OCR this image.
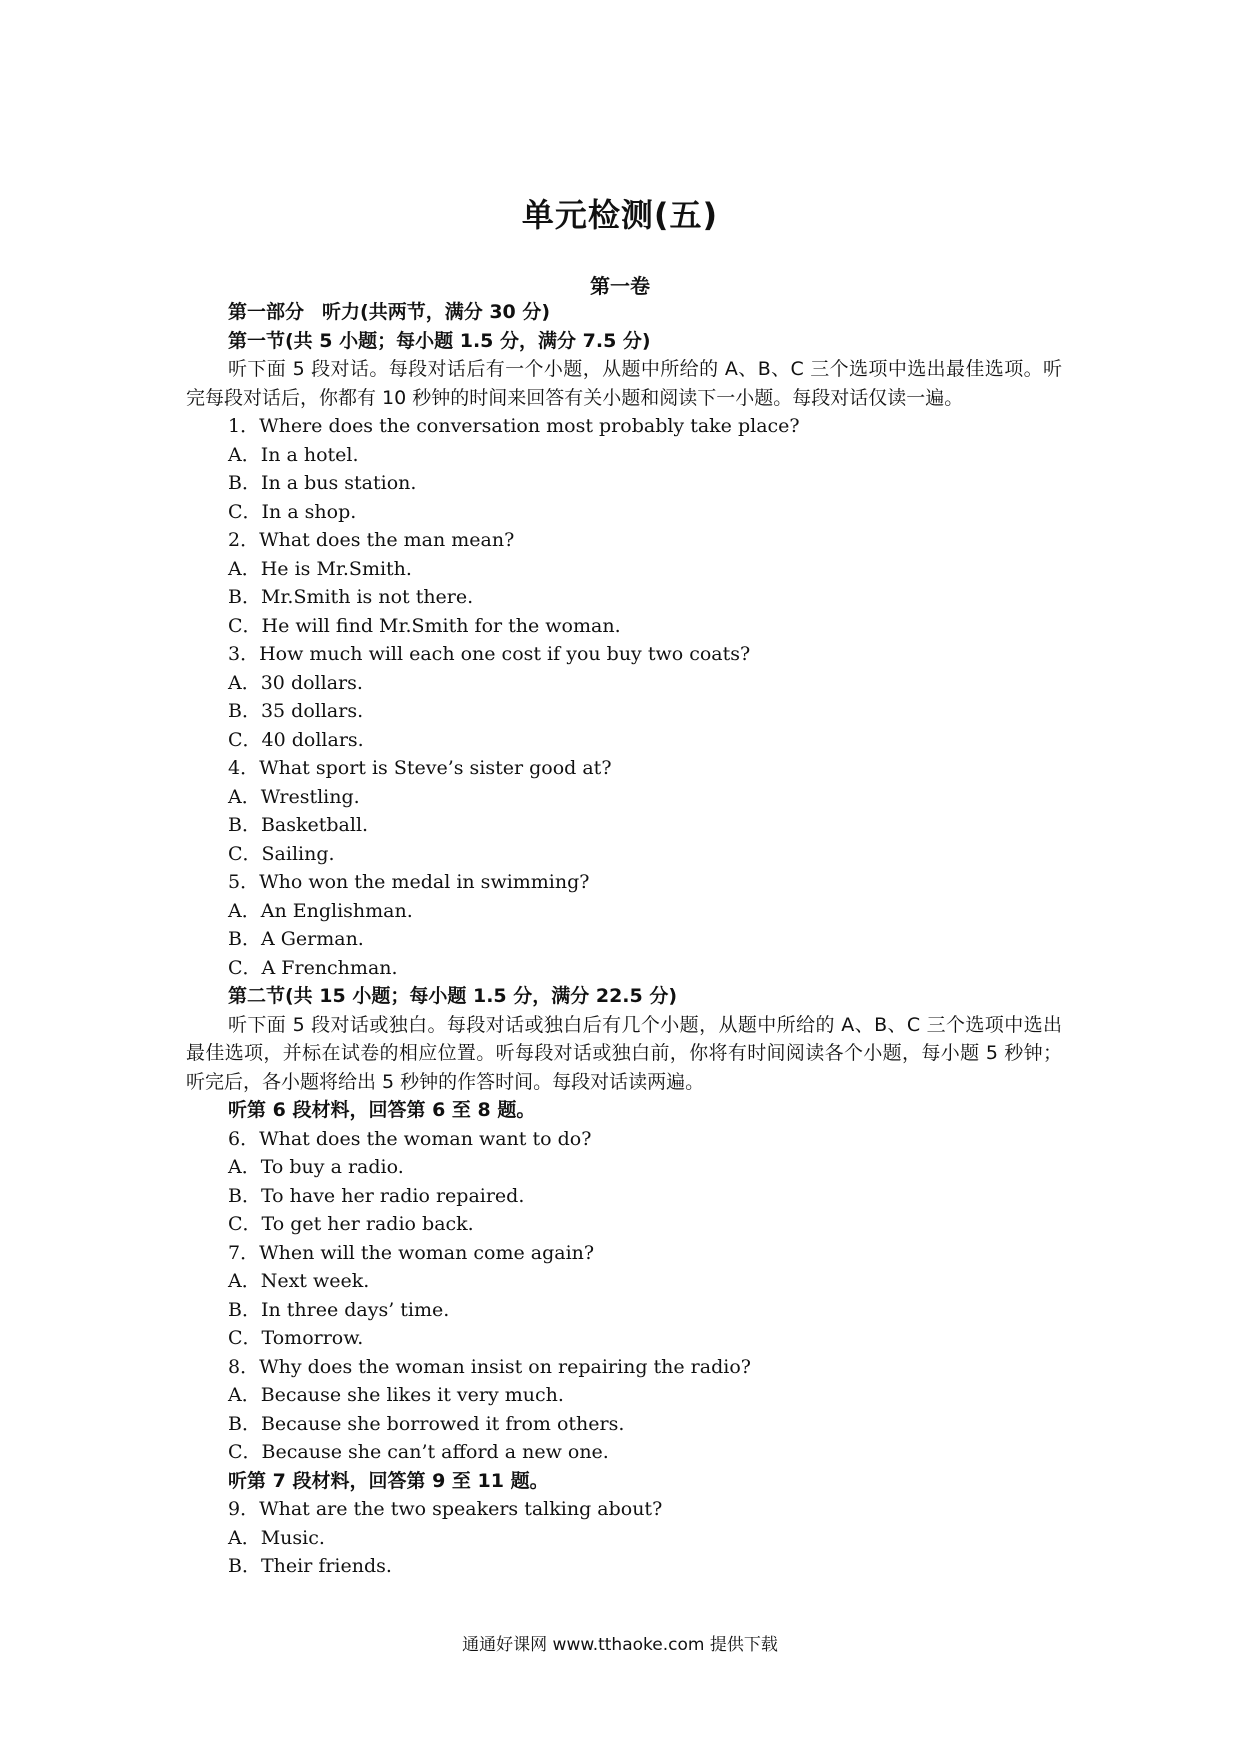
单元检测(五)
第一卷

第一部分 听力(共两节，满分 30 分)

第一节(共 5 小题；每小题 1.5 分，满分 7.5 分)

听下面 5 段对话。每段对话后有一个小题，从题中所给的 A、B、C 三个选项中选出最佳选项。听完每段对话后，你都有 10 秒钟的时间来回答有关小题和阅读下一小题。每段对话仅读一遍。

1．Where does the conversation most probably take place?

A．In a hotel.

B．In a bus station.

C．In a shop.

2．What does the man mean?

A．He is Mr.Smith.

B．Mr.Smith is not there.

C．He will find Mr.Smith for the woman.

3．How much will each one cost if you buy two coats?

A．30 dollars.

B．35 dollars.

C．40 dollars.

4．What sport is Steve’s sister good at?

A．Wrestling.

B．Basketball.

C．Sailing.

5．Who won the medal in swimming?

A．An Englishman.

B．A German.

C．A Frenchman.

第二节(共 15 小题；每小题 1.5 分，满分 22.5 分)

听下面 5 段对话或独白。每段对话或独白后有几个小题，从题中所给的 A、B、C 三个选项中选出最佳选项，并标在试卷的相应位置。听每段对话或独白前，你将有时间阅读各个小题，每小题 5 秒钟；听完后，各小题将给出 5 秒钟的作答时间。每段对话读两遍。

听第 6 段材料，回答第 6 至 8 题。

6．What does the woman want to do?

A．To buy a radio.

B．To have her radio repaired.

C．To get her radio back.

7．When will the woman come again?

A．Next week.

B．In three days’ time.

C．Tomorrow.

8．Why does the woman insist on repairing the radio?

A．Because she likes it very much.

B．Because she borrowed it from others.

C．Because she can’t afford a new one.

听第 7 段材料，回答第 9 至 11 题。

9．What are the two speakers talking about?

A．Music.

B．Their friends.

通通好课网 www.tthaoke.com 提供下载
